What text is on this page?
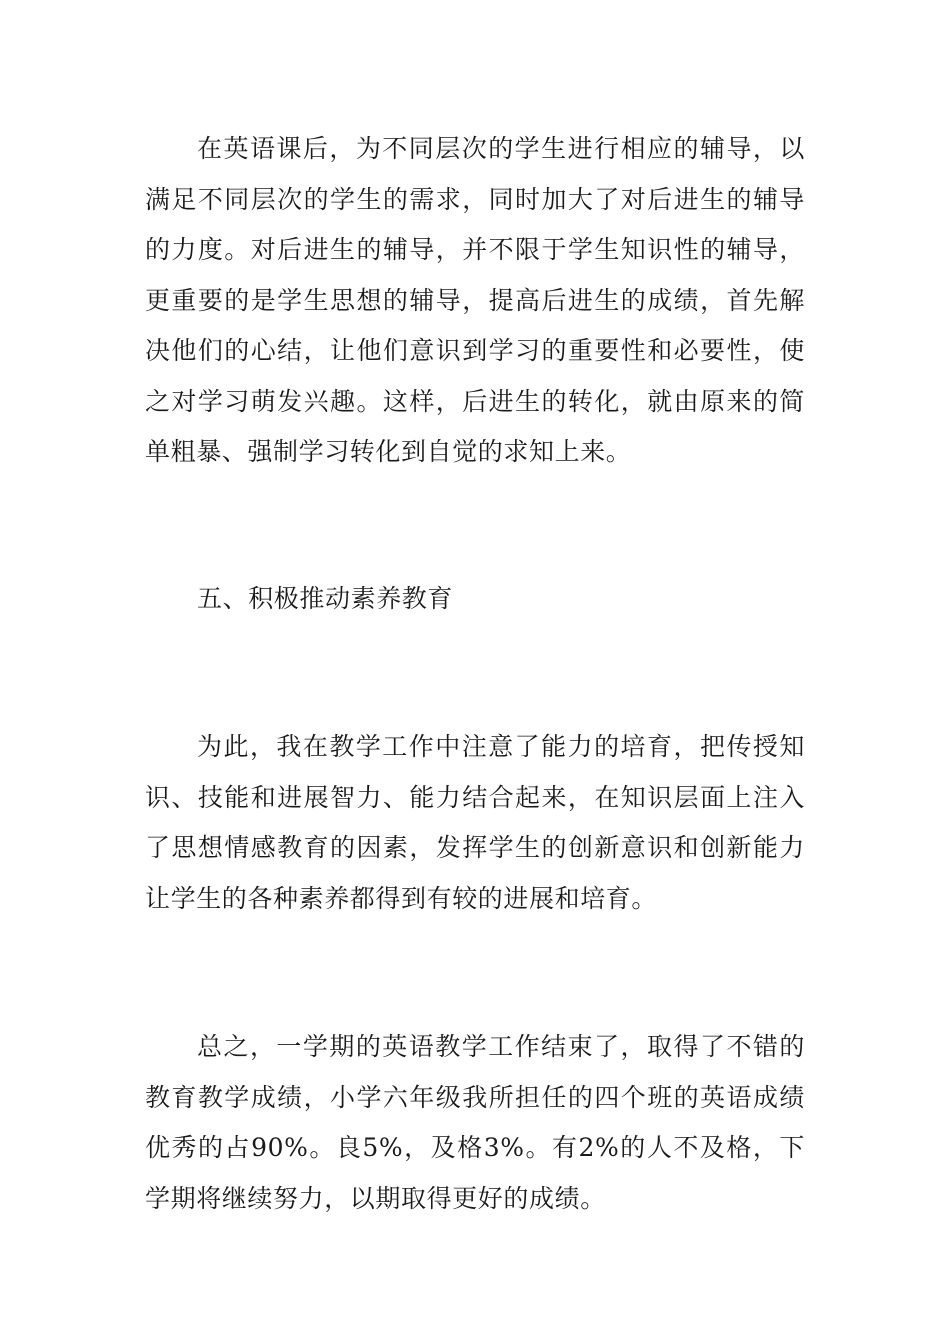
在英语课后，为不同层次的学生进行相应的辅导，以满足不同层次的学生的需求，同时加大了对后进生的辅导的力度。对后进生的辅导，并不限于学生知识性的辅导，更重要的是学生思想的辅导，提高后进生的成绩，首先解决他们的心结，让他们意识到学习的重要性和必要性，使之对学习萌发兴趣。这样，后进生的转化，就由原来的简单粗暴、强制学习转化到自觉的求知上来。

五、积极推动素养教育

为此，我在教学工作中注意了能力的培育，把传授知识、技能和进展智力、能力结合起来，在知识层面上注入了思想情感教育的因素，发挥学生的创新意识和创新能力让学生的各种素养都得到有较的进展和培育。

总之，一学期的英语教学工作结束了，取得了不错的教育教学成绩，小学六年级我所担任的四个班的英语成绩优秀的占90%。良5%，及格3%。有2%的人不及格，下学期将继续努力，以期取得更好的成绩。
